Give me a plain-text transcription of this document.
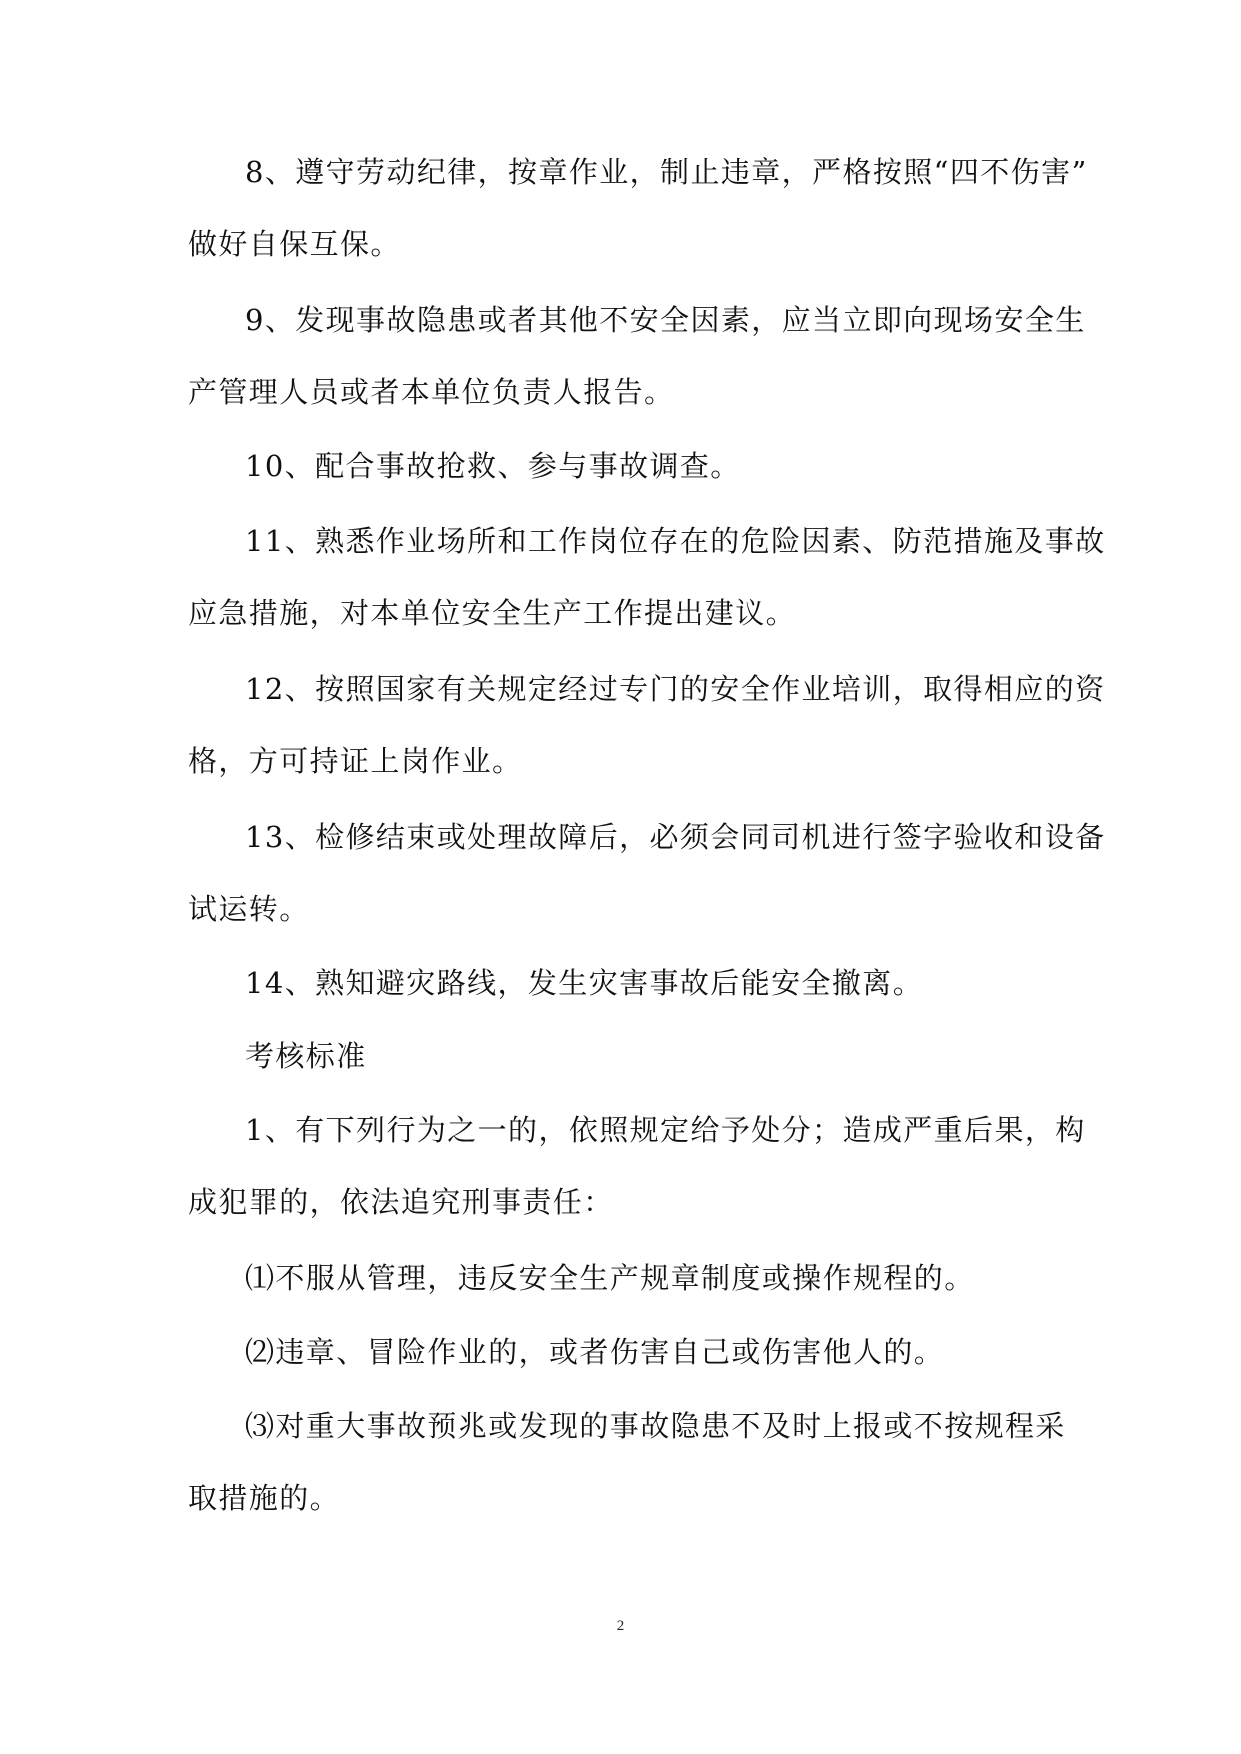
8、遵守劳动纪律，按章作业，制止违章，严格按照“四不伤害”
做好自保互保。
9、发现事故隐患或者其他不安全因素，应当立即向现场安全生
产管理人员或者本单位负责人报告。
10、配合事故抢救、参与事故调查。
11、熟悉作业场所和工作岗位存在的危险因素、防范措施及事故
应急措施，对本单位安全生产工作提出建议。
12、按照国家有关规定经过专门的安全作业培训，取得相应的资
格，方可持证上岗作业。
13、检修结束或处理故障后，必须会同司机进行签字验收和设备
试运转。
14、熟知避灾路线，发生灾害事故后能安全撤离。
考核标准
1、有下列行为之一的，依照规定给予处分；造成严重后果，构
成犯罪的，依法追究刑事责任：
⑴不服从管理，违反安全生产规章制度或操作规程的。
⑵违章、冒险作业的，或者伤害自己或伤害他人的。
⑶对重大事故预兆或发现的事故隐患不及时上报或不按规程采
取措施的。
2
